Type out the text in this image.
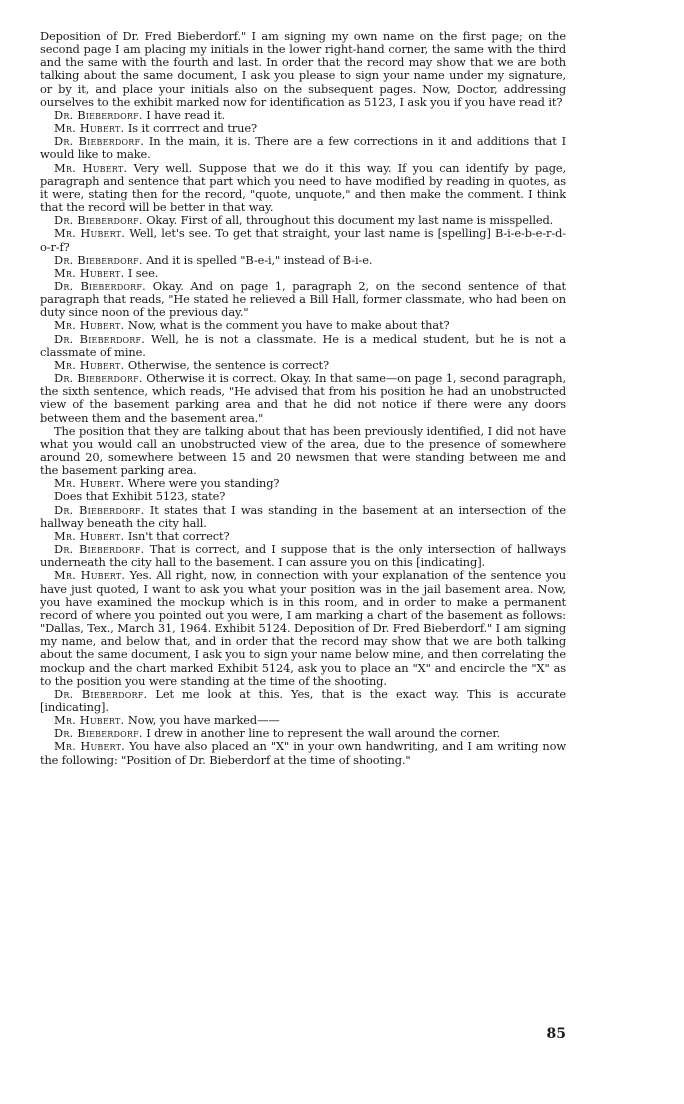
Deposition of Dr. Fred Bieberdorf." I am signing my own name on the first page; on the second page I am placing my initials in the lower right-hand corner, the same with the third and the same with the fourth and last. In order that the record may show that we are both talking about the same document, I ask you please to sign your name under my signature, or by it, and place your initials also on the subsequent pages. Now, Doctor, addressing ourselves to the exhibit marked now for identification as 5123, I ask you if you have read it?

Dr. Bieberdorf. I have read it.

Mr. Hubert. Is it corrrect and true?

Dr. Bieberdorf. In the main, it is. There are a few corrections in it and additions that I would like to make.

Mr. Hubert. Very well. Suppose that we do it this way. If you can identify by page, paragraph and sentence that part which you need to have modified by reading in quotes, as it were, stating then for the record, "quote, unquote," and then make the comment. I think that the record will be better in that way.

Dr. Bieberdorf. Okay. First of all, throughout this document my last name is misspelled.

Mr. Hubert. Well, let's see. To get that straight, your last name is [spelling] B-i-e-b-e-r-d-o-r-f?

Dr. Bieberdorf. And it is spelled "B-e-i," instead of B-i-e.

Mr. Hubert. I see.

Dr. Bieberdorf. Okay. And on page 1, paragraph 2, on the second sentence of that paragraph that reads, "He stated he relieved a Bill Hall, former classmate, who had been on duty since noon of the previous day."

Mr. Hubert. Now, what is the comment you have to make about that?

Dr. Bieberdorf. Well, he is not a classmate. He is a medical student, but he is not a classmate of mine.

Mr. Hubert. Otherwise, the sentence is correct?

Dr. Bieberdorf. Otherwise it is correct. Okay. In that same—on page 1, second paragraph, the sixth sentence, which reads, "He advised that from his position he had an unobstructed view of the basement parking area and that he did not notice if there were any doors between them and the basement area."

The position that they are talking about that has been previously identified, I did not have what you would call an unobstructed view of the area, due to the presence of somewhere around 20, somewhere between 15 and 20 newsmen that were standing between me and the basement parking area.

Mr. Hubert. Where were you standing?

Does that Exhibit 5123, state?

Dr. Bieberdorf. It states that I was standing in the basement at an intersection of the hallway beneath the city hall.

Mr. Hubert. Isn't that correct?

Dr. Bieberdorf. That is correct, and I suppose that is the only intersection of hallways underneath the city hall to the basement. I can assure you on this [indicating].

Mr. Hubert. Yes. All right, now, in connection with your explanation of the sentence you have just quoted, I want to ask you what your position was in the jail basement area. Now, you have examined the mockup which is in this room, and in order to make a permanent record of where you pointed out you were, I am marking a chart of the basement as follows: "Dallas, Tex., March 31, 1964. Exhibit 5124. Deposition of Dr. Fred Bieberdorf." I am signing my name, and below that, and in order that the record may show that we are both talking about the same document, I ask you to sign your name below mine, and then correlating the mockup and the chart marked Exhibit 5124, ask you to place an "X" and encircle the "X" as to the position you were standing at the time of the shooting.

Dr. Bieberdorf. Let me look at this. Yes, that is the exact way. This is accurate [indicating].

Mr. Hubert. Now, you have marked——

Dr. Bieberdorf. I drew in another line to represent the wall around the corner.

Mr. Hubert. You have also placed an "X" in your own handwriting, and I am writing now the following: "Position of Dr. Bieberdorf at the time of shooting."

85
